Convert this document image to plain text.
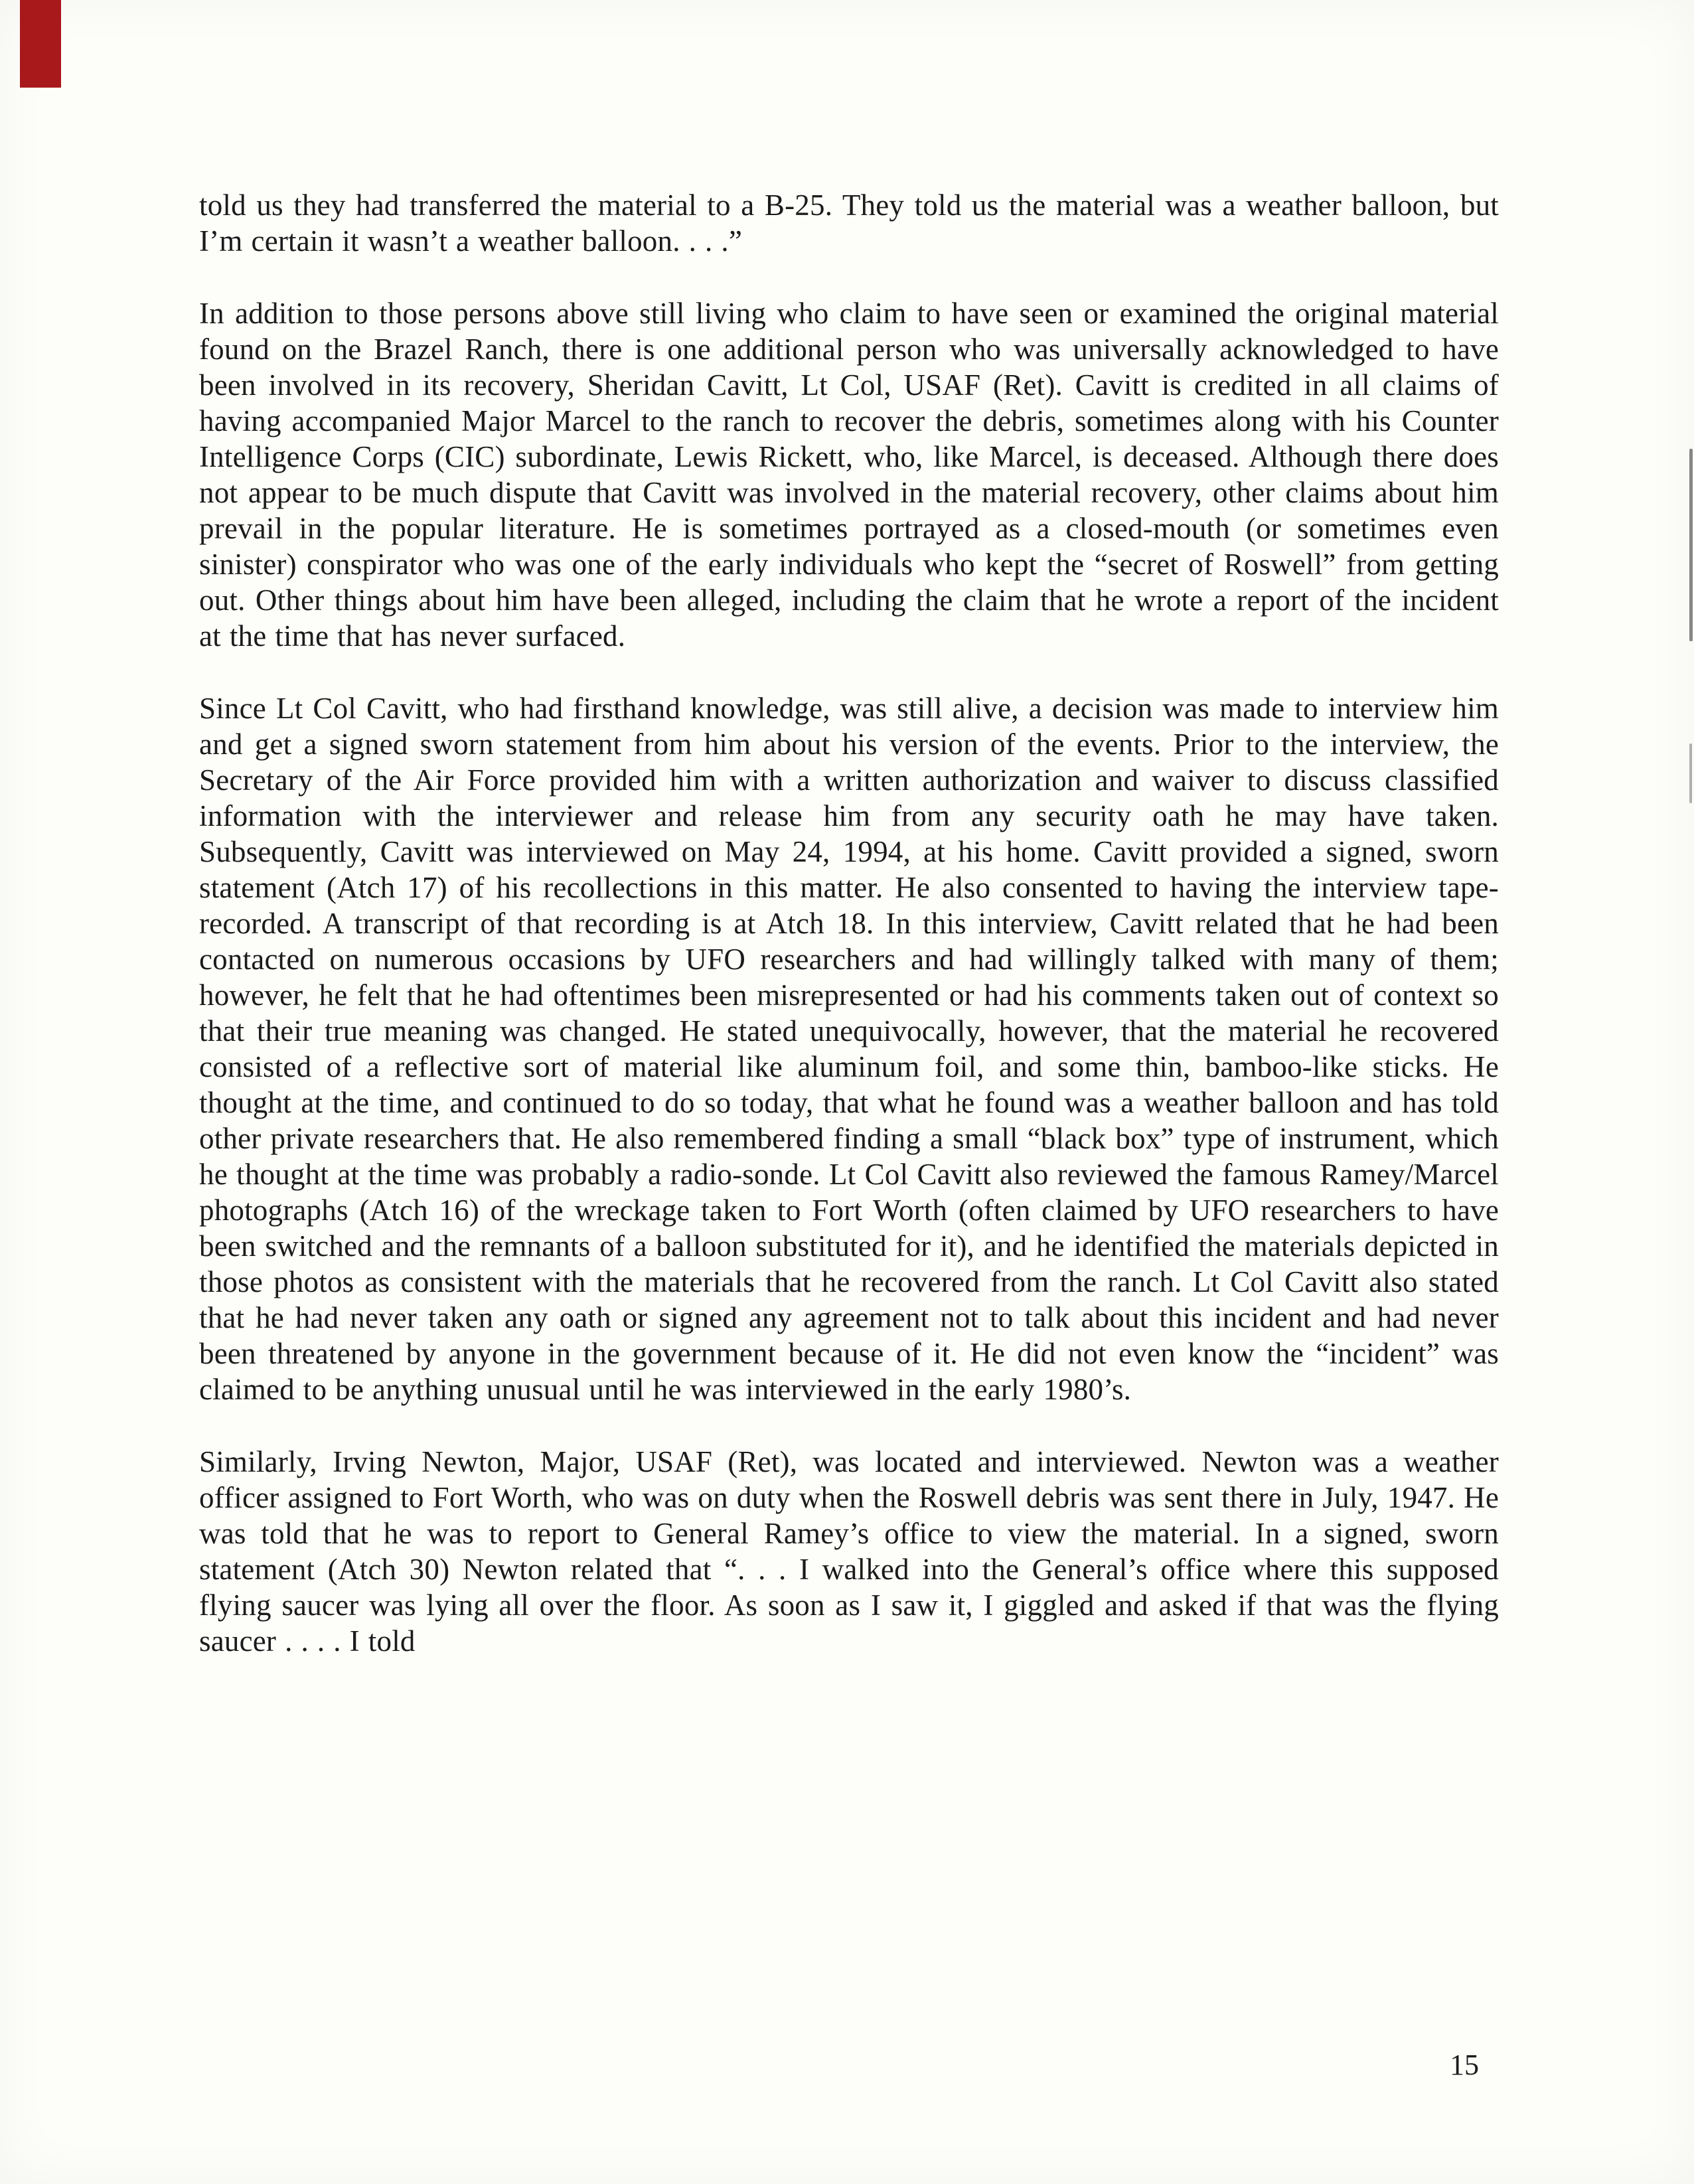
told us they had transferred the material to a B-25. They told us the material was a weather balloon, but I’m certain it wasn’t a weather balloon. . . .”

In addition to those persons above still living who claim to have seen or examined the original material found on the Brazel Ranch, there is one additional person who was universally acknowledged to have been involved in its recovery, Sheridan Cavitt, Lt Col, USAF (Ret). Cavitt is credited in all claims of having accompanied Major Marcel to the ranch to recover the debris, sometimes along with his Counter Intelligence Corps (CIC) subordinate, Lewis Rickett, who, like Marcel, is deceased. Although there does not appear to be much dispute that Cavitt was involved in the material recovery, other claims about him prevail in the popular literature. He is sometimes portrayed as a closed-mouth (or sometimes even sinister) conspirator who was one of the early individuals who kept the “secret of Roswell” from getting out. Other things about him have been alleged, including the claim that he wrote a report of the incident at the time that has never surfaced.

Since Lt Col Cavitt, who had firsthand knowledge, was still alive, a decision was made to interview him and get a signed sworn statement from him about his version of the events. Prior to the interview, the Secretary of the Air Force provided him with a written authorization and waiver to discuss classified information with the interviewer and release him from any security oath he may have taken. Subsequently, Cavitt was interviewed on May 24, 1994, at his home. Cavitt provided a signed, sworn statement (Atch 17) of his recollections in this matter. He also consented to having the interview tape-recorded. A transcript of that recording is at Atch 18. In this interview, Cavitt related that he had been contacted on numerous occasions by UFO researchers and had willingly talked with many of them; however, he felt that he had oftentimes been misrepresented or had his comments taken out of context so that their true meaning was changed. He stated unequivocally, however, that the material he recovered consisted of a reflective sort of material like aluminum foil, and some thin, bamboo-like sticks. He thought at the time, and continued to do so today, that what he found was a weather balloon and has told other private researchers that. He also remembered finding a small “black box” type of instrument, which he thought at the time was probably a radio-sonde. Lt Col Cavitt also reviewed the famous Ramey/Marcel photographs (Atch 16) of the wreckage taken to Fort Worth (often claimed by UFO researchers to have been switched and the remnants of a balloon substituted for it), and he identified the materials depicted in those photos as consistent with the materials that he recovered from the ranch. Lt Col Cavitt also stated that he had never taken any oath or signed any agreement not to talk about this incident and had never been threatened by anyone in the government because of it. He did not even know the “incident” was claimed to be anything unusual until he was interviewed in the early 1980’s.

Similarly, Irving Newton, Major, USAF (Ret), was located and interviewed. Newton was a weather officer assigned to Fort Worth, who was on duty when the Roswell debris was sent there in July, 1947. He was told that he was to report to General Ramey’s office to view the material. In a signed, sworn statement (Atch 30) Newton related that “. . . I walked into the General’s office where this supposed flying saucer was lying all over the floor. As soon as I saw it, I giggled and asked if that was the flying saucer . . . . I told

15
